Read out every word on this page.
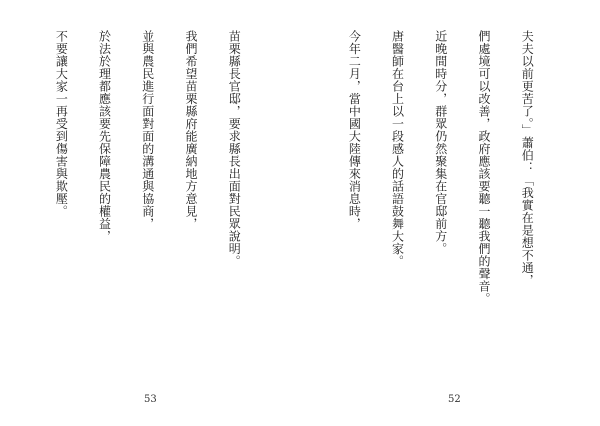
苗栗縣長官邸，要求縣長出面對民眾說明。

我們希望苗栗縣府能廣納地方意見，

並與農民進行面對面的溝通與協商，

於法於理都應該要先保障農民的權益，

不要讓大家一再受到傷害與欺壓。

53

夫夫以前更苦了。」蕭伯：「我實在是想不通，

們處境可以改善，政府應該要聽一聽我們的聲音。

近晚間時分，群眾仍然聚集在官邸前方。

唐醫師在台上以一段感人的話語鼓舞大家。

今年二月，當中國大陸傳來消息時，

52
